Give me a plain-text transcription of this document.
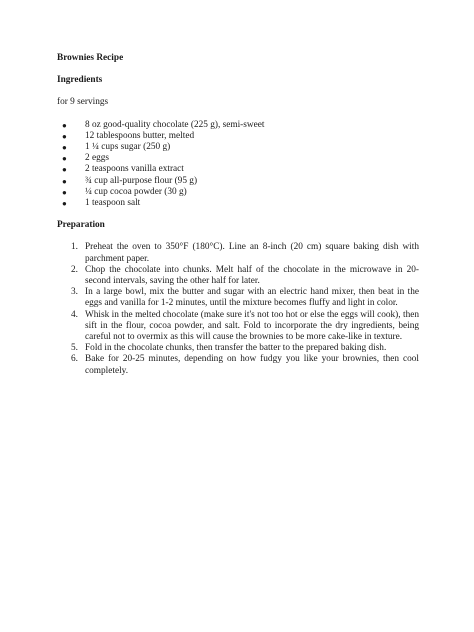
Brownies Recipe
Ingredients
for 9 servings
● 8 oz good-quality chocolate (225 g), semi-sweet
● 12 tablespoons butter, melted
● 1 ¼ cups sugar (250 g)
● 2 eggs
● 2 teaspoons vanilla extract
● ¾ cup all-purpose flour (95 g)
● ¼ cup cocoa powder (30 g)
● 1 teaspoon salt
Preparation
1. Preheat the oven to 350°F (180°C). Line an 8-inch (20 cm) square baking dish with parchment paper.
2. Chop the chocolate into chunks. Melt half of the chocolate in the microwave in 20-second intervals, saving the other half for later.
3. In a large bowl, mix the butter and sugar with an electric hand mixer, then beat in the eggs and vanilla for 1-2 minutes, until the mixture becomes fluffy and light in color.
4. Whisk in the melted chocolate (make sure it's not too hot or else the eggs will cook), then sift in the flour, cocoa powder, and salt. Fold to incorporate the dry ingredients, being careful not to overmix as this will cause the brownies to be more cake-like in texture.
5. Fold in the chocolate chunks, then transfer the batter to the prepared baking dish.
6. Bake for 20-25 minutes, depending on how fudgy you like your brownies, then cool completely.
